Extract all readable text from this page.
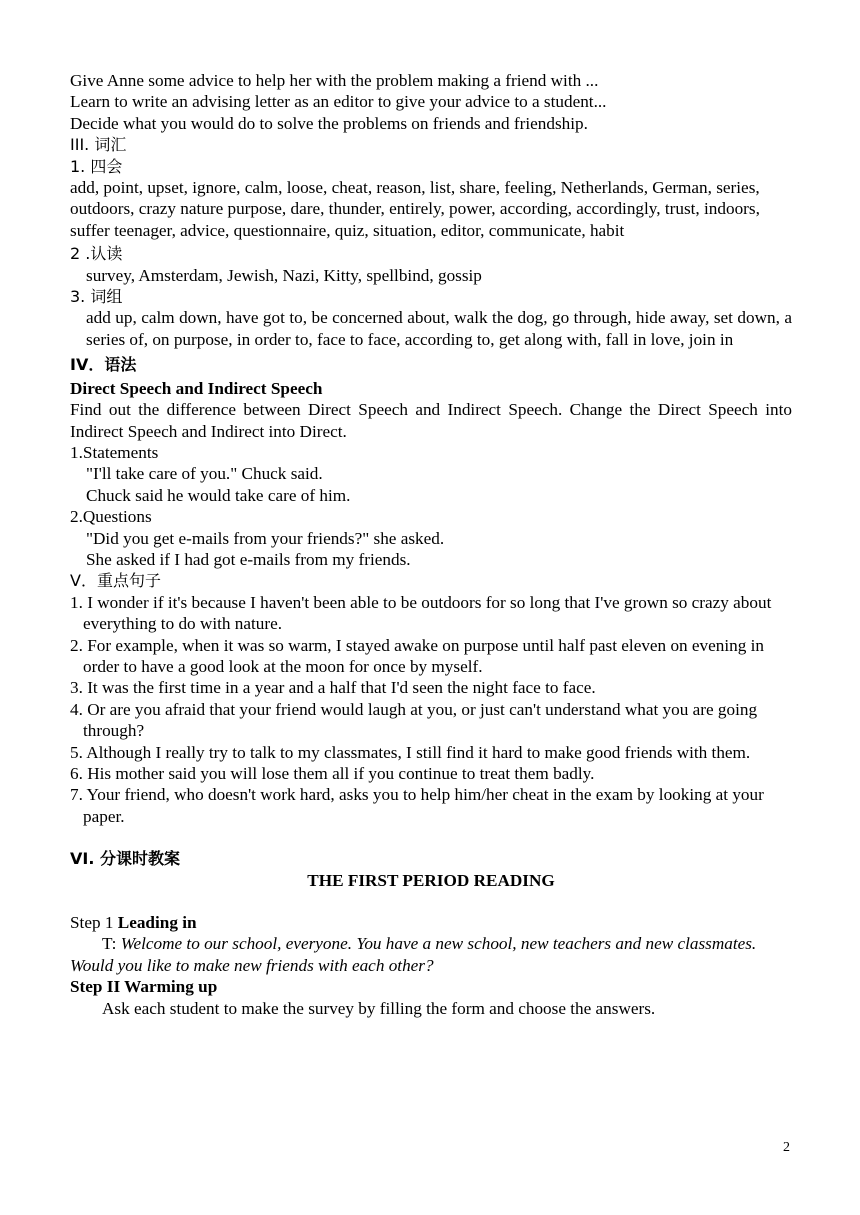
Give Anne some advice to help her with the problem making a friend with ...
Learn to write an advising letter as an editor to give your advice to a student...
Decide what you would do to solve the problems on friends and friendship.
III. 词汇
1. 四会
add, point, upset, ignore, calm, loose, cheat, reason, list, share, feeling, Netherlands, German, series, outdoors, crazy nature purpose, dare, thunder, entirely, power, according, accordingly, trust, indoors, suffer teenager, advice, questionnaire, quiz, situation, editor, communicate, habit
2 .认读
survey, Amsterdam, Jewish, Nazi, Kitty, spellbind, gossip
3. 词组
add up, calm down, have got to, be concerned about, walk the dog, go through, hide away, set down, a series of, on purpose, in order to, face to face, according to, get along with, fall in love, join in
IV．语法
Direct Speech and Indirect Speech
Find out the difference between Direct Speech and Indirect Speech. Change the Direct Speech into Indirect Speech and Indirect into Direct.
1.Statements
"I'll take care of you." Chuck said.
Chuck said he would take care of him.
2.Questions
"Did you get e-mails from your friends?" she asked.
She asked if I had got e-mails from my friends.
V．重点句子
1. I wonder if it's because I haven't been able to be outdoors for so long that I've grown so crazy about everything to do with nature.
2. For example, when it was so warm, I stayed awake on purpose until half past eleven on evening in order to have a good look at the moon for once by myself.
3. It was the first time in a year and a half that I'd seen the night face to face.
4. Or are you afraid that your friend would laugh at you, or just can't understand what you are going through?
5. Although I really try to talk to my classmates, I still find it hard to make good friends with them.
6. His mother said you will lose them all if you continue to treat them badly.
7. Your friend, who doesn't work hard, asks you to help him/her cheat in the exam by looking at your paper.
VI. 分课时教案
THE FIRST PERIOD READING
Step 1 Leading in
T: Welcome to our school, everyone. You have a new school, new teachers and new classmates. Would you like to make new friends with each other?
Step II Warming up
Ask each student to make the survey by filling the form and choose the answers.
2
